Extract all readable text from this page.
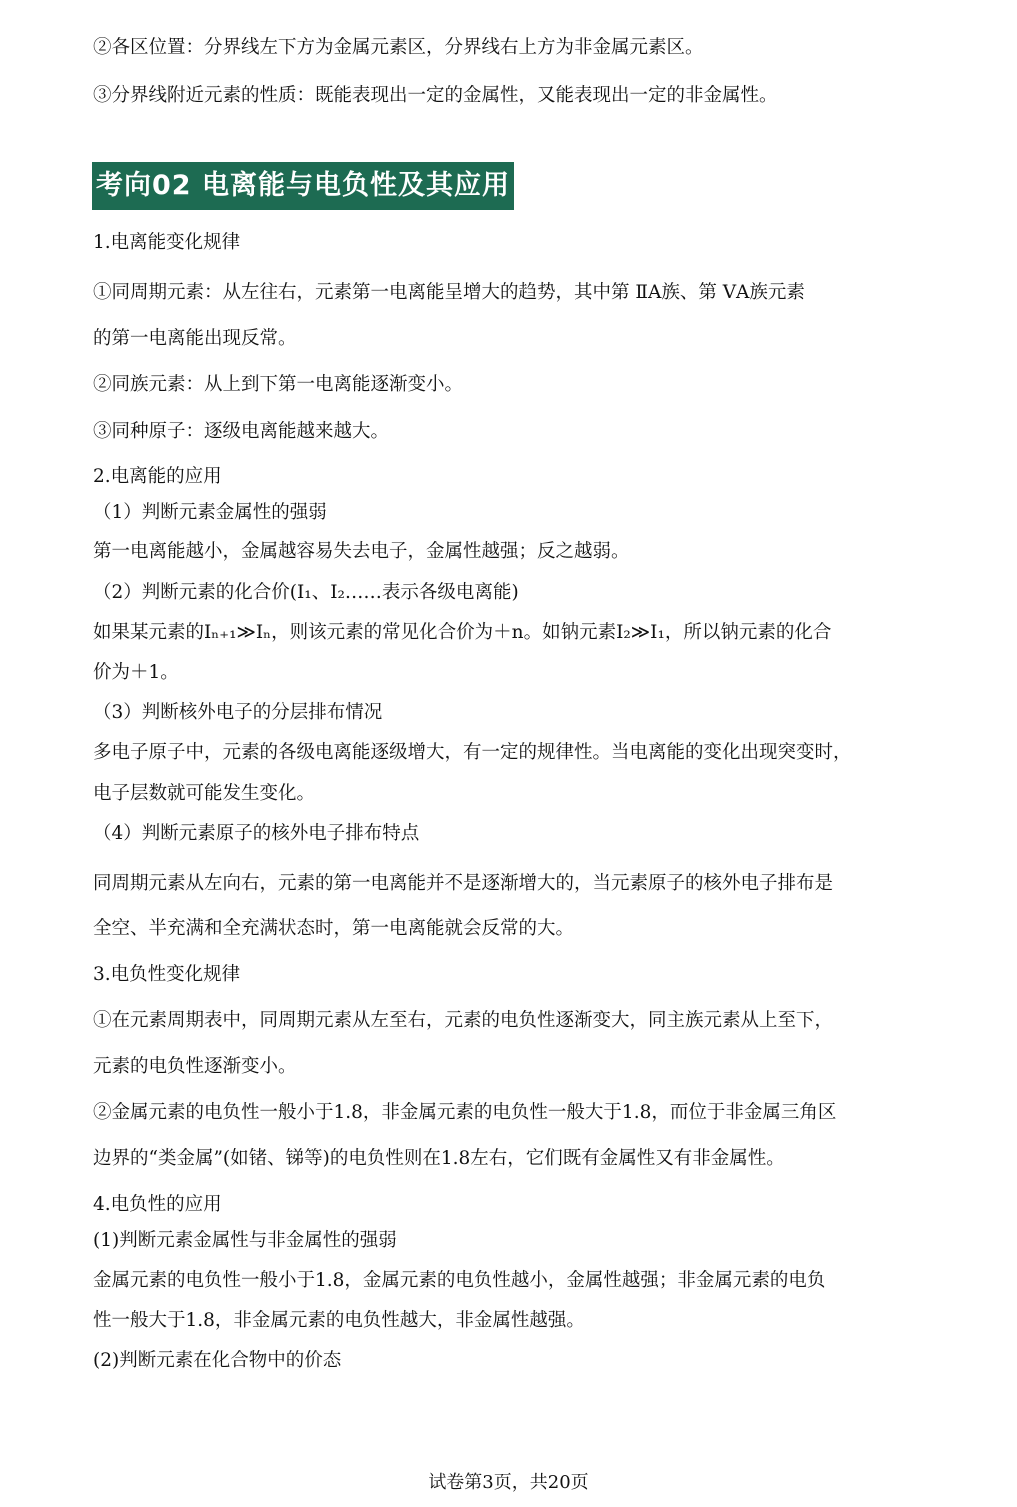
②各区位置：分界线左下方为金属元素区，分界线右上方为非金属元素区。
③分界线附近元素的性质：既能表现出一定的金属性，又能表现出一定的非金属性。
考向02 电离能与电负性及其应用
1.电离能变化规律
①同周期元素：从左往右，元素第一电离能呈增大的趋势，其中第 ⅡA族、第 ⅤA族元素
的第一电离能出现反常。
②同族元素：从上到下第一电离能逐渐变小。
③同种原子：逐级电离能越来越大。
2.电离能的应用
（1）判断元素金属性的强弱
第一电离能越小，金属越容易失去电子，金属性越强；反之越弱。
（2）判断元素的化合价(I₁、I₂……表示各级电离能)
如果某元素的Iₙ₊₁≫Iₙ，则该元素的常见化合价为＋n。如钠元素I₂≫I₁，所以钠元素的化合
价为＋1。
（3）判断核外电子的分层排布情况
多电子原子中，元素的各级电离能逐级增大，有一定的规律性。当电离能的变化出现突变时，
电子层数就可能发生变化。
（4）判断元素原子的核外电子排布特点
同周期元素从左向右，元素的第一电离能并不是逐渐增大的，当元素原子的核外电子排布是
全空、半充满和全充满状态时，第一电离能就会反常的大。
3.电负性变化规律
①在元素周期表中，同周期元素从左至右，元素的电负性逐渐变大，同主族元素从上至下，
元素的电负性逐渐变小。
②金属元素的电负性一般小于1.8，非金属元素的电负性一般大于1.8，而位于非金属三角区
边界的“类金属”(如锗、锑等)的电负性则在1.8左右，它们既有金属性又有非金属性。
4.电负性的应用
(1)判断元素金属性与非金属性的强弱
金属元素的电负性一般小于1.8，金属元素的电负性越小，金属性越强；非金属元素的电负
性一般大于1.8，非金属元素的电负性越大，非金属性越强。
(2)判断元素在化合物中的价态
试卷第3页，共20页
